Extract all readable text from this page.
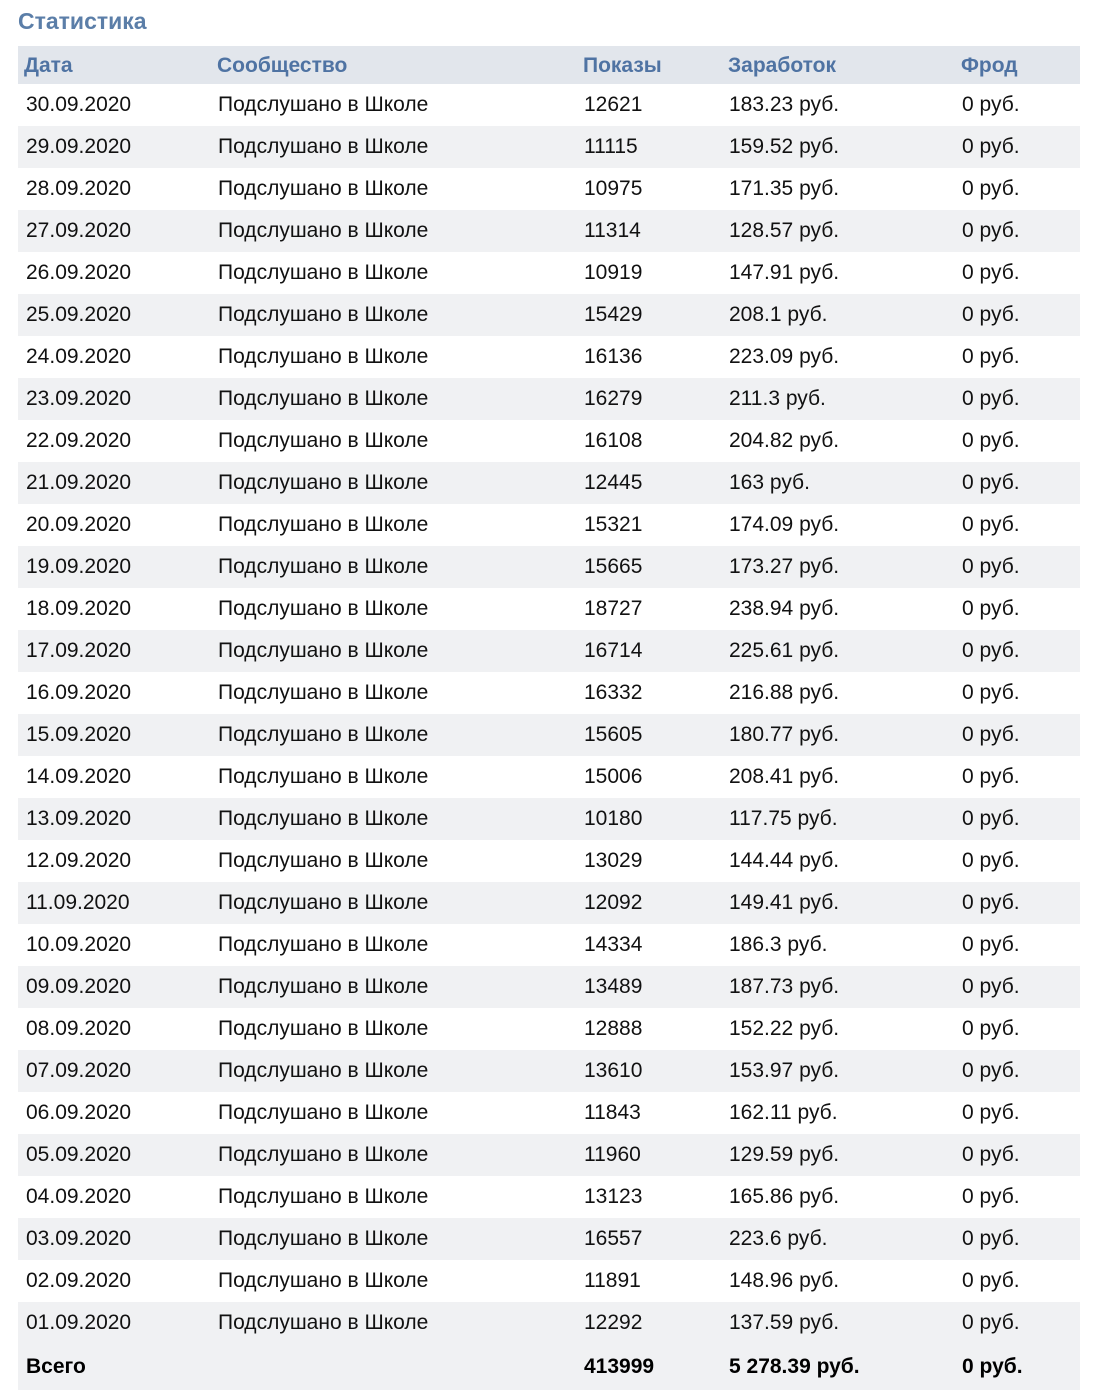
Статистика
Дата	Сообщество	Показы	Заработок	Фрод
30.09.2020	Подслушано в Школе	12621	183.23 руб.	0 руб.
29.09.2020	Подслушано в Школе	11115	159.52 руб.	0 руб.
28.09.2020	Подслушано в Школе	10975	171.35 руб.	0 руб.
27.09.2020	Подслушано в Школе	11314	128.57 руб.	0 руб.
26.09.2020	Подслушано в Школе	10919	147.91 руб.	0 руб.
25.09.2020	Подслушано в Школе	15429	208.1 руб.	0 руб.
24.09.2020	Подслушано в Школе	16136	223.09 руб.	0 руб.
23.09.2020	Подслушано в Школе	16279	211.3 руб.	0 руб.
22.09.2020	Подслушано в Школе	16108	204.82 руб.	0 руб.
21.09.2020	Подслушано в Школе	12445	163 руб.	0 руб.
20.09.2020	Подслушано в Школе	15321	174.09 руб.	0 руб.
19.09.2020	Подслушано в Школе	15665	173.27 руб.	0 руб.
18.09.2020	Подслушано в Школе	18727	238.94 руб.	0 руб.
17.09.2020	Подслушано в Школе	16714	225.61 руб.	0 руб.
16.09.2020	Подслушано в Школе	16332	216.88 руб.	0 руб.
15.09.2020	Подслушано в Школе	15605	180.77 руб.	0 руб.
14.09.2020	Подслушано в Школе	15006	208.41 руб.	0 руб.
13.09.2020	Подслушано в Школе	10180	117.75 руб.	0 руб.
12.09.2020	Подслушано в Школе	13029	144.44 руб.	0 руб.
11.09.2020	Подслушано в Школе	12092	149.41 руб.	0 руб.
10.09.2020	Подслушано в Школе	14334	186.3 руб.	0 руб.
09.09.2020	Подслушано в Школе	13489	187.73 руб.	0 руб.
08.09.2020	Подслушано в Школе	12888	152.22 руб.	0 руб.
07.09.2020	Подслушано в Школе	13610	153.97 руб.	0 руб.
06.09.2020	Подслушано в Школе	11843	162.11 руб.	0 руб.
05.09.2020	Подслушано в Школе	11960	129.59 руб.	0 руб.
04.09.2020	Подслушано в Школе	13123	165.86 руб.	0 руб.
03.09.2020	Подслушано в Школе	16557	223.6 руб.	0 руб.
02.09.2020	Подслушано в Школе	11891	148.96 руб.	0 руб.
01.09.2020	Подслушано в Школе	12292	137.59 руб.	0 руб.
Всего		413999	5 278.39 руб.	0 руб.
